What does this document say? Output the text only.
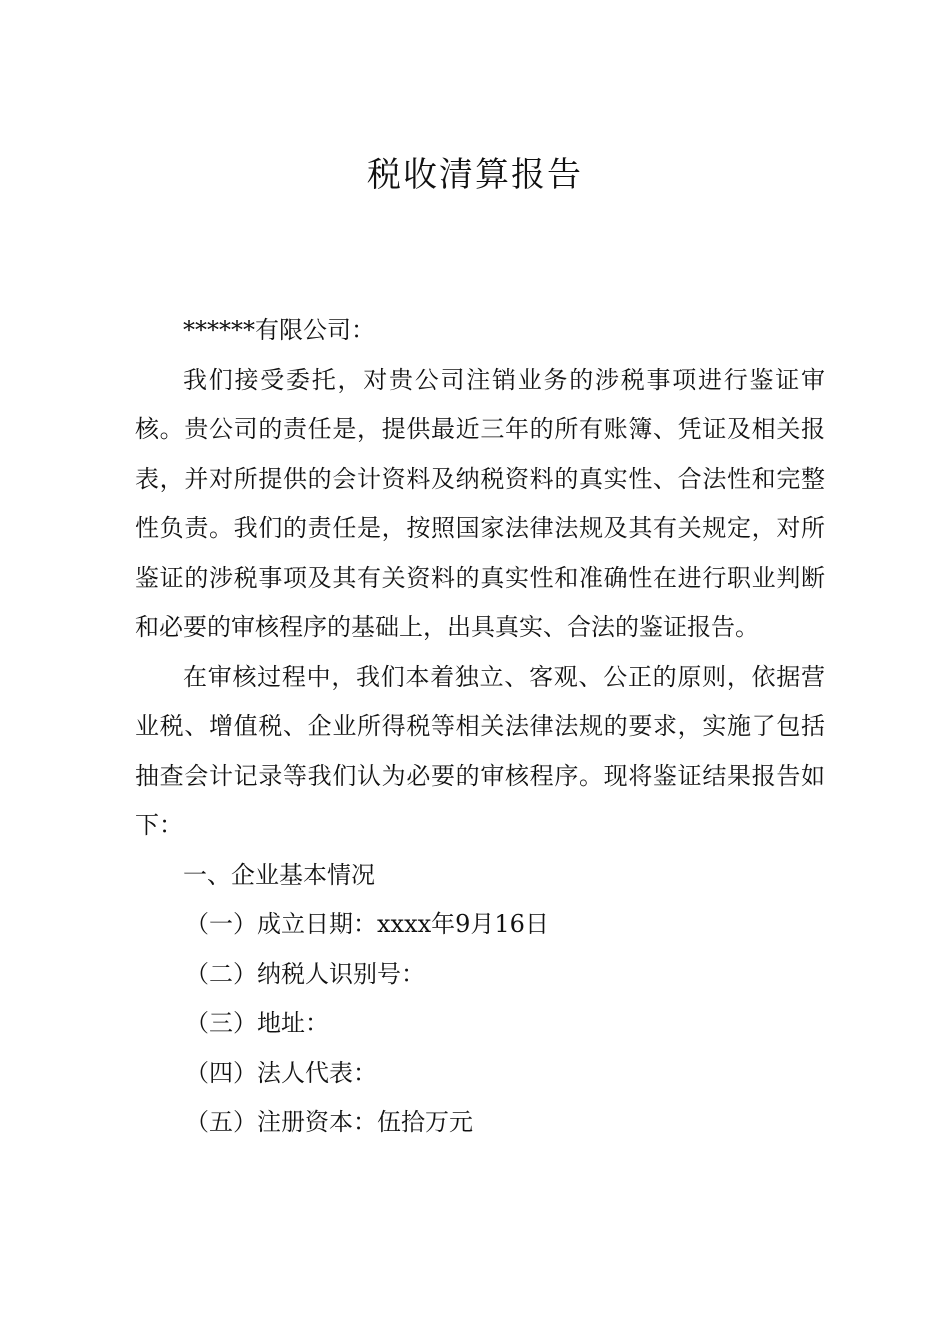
税收清算报告

******有限公司：

我们接受委托，对贵公司注销业务的涉税事项进行鉴证审核。贵公司的责任是，提供最近三年的所有账簿、凭证及相关报表，并对所提供的会计资料及纳税资料的真实性、合法性和完整性负责。我们的责任是，按照国家法律法规及其有关规定，对所鉴证的涉税事项及其有关资料的真实性和准确性在进行职业判断和必要的审核程序的基础上，出具真实、合法的鉴证报告。

在审核过程中，我们本着独立、客观、公正的原则，依据营业税、增值税、企业所得税等相关法律法规的要求，实施了包括抽查会计记录等我们认为必要的审核程序。现将鉴证结果报告如下：

一、企业基本情况

（一）成立日期：xxxx年9月16日

（二）纳税人识别号：

（三）地址：

（四）法人代表：

（五）注册资本：伍拾万元
